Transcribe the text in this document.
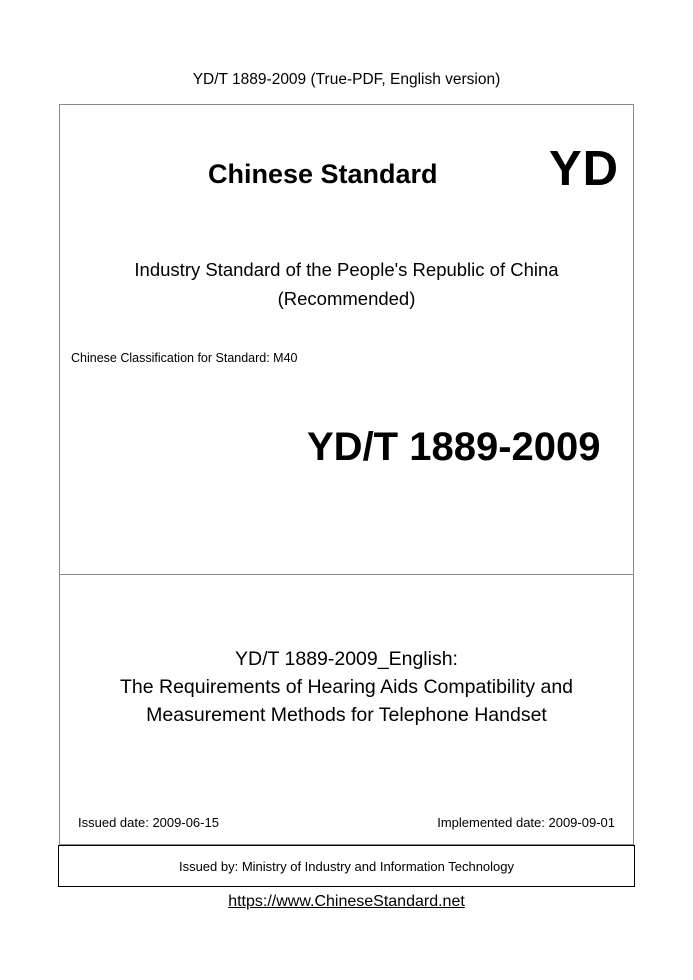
YD/T 1889-2009 (True-PDF, English version)
Chinese Standard YD
Industry Standard of the People's Republic of China
(Recommended)
Chinese Classification for Standard: M40
YD/T 1889-2009
YD/T 1889-2009_English:
The Requirements of Hearing Aids Compatibility and
Measurement Methods for Telephone Handset
Issued date: 2009-06-15	Implemented date: 2009-09-01
Issued by: Ministry of Industry and Information Technology
https://www.ChineseStandard.net
